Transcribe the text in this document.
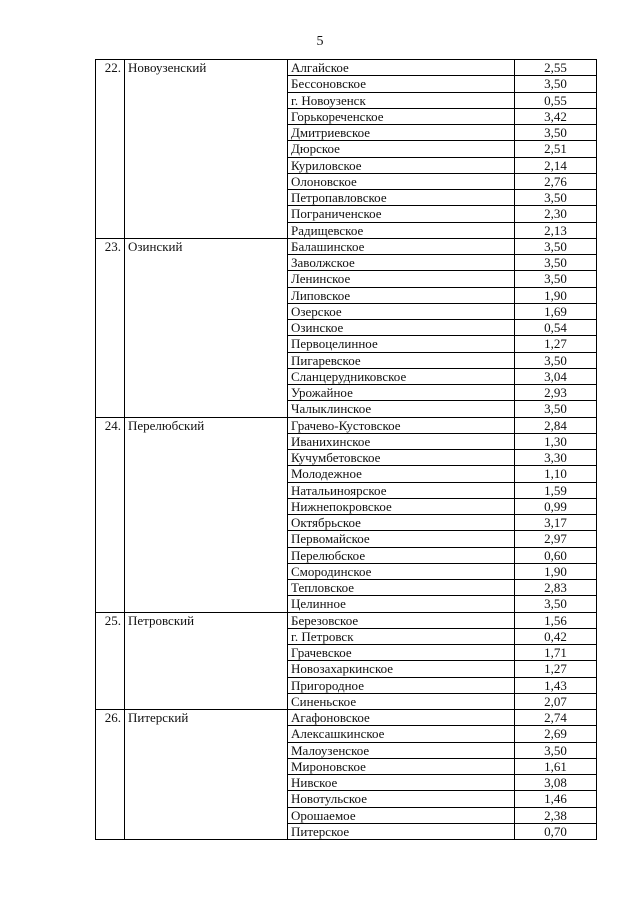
5
22.	Новоузенский	Алгайское	2,55
		Бессоновское	3,50
		г. Новоузенск	0,55
		Горькореченское	3,42
		Дмитриевское	3,50
		Дюрское	2,51
		Куриловское	2,14
		Олоновское	2,76
		Петропавловское	3,50
		Пограниченское	2,30
		Радищевское	2,13
23.	Озинский	Балашинское	3,50
		Заволжское	3,50
		Ленинское	3,50
		Липовское	1,90
		Озерское	1,69
		Озинское	0,54
		Первоцелинное	1,27
		Пигаревское	3,50
		Сланцерудниковское	3,04
		Урожайное	2,93
		Чалыклинское	3,50
24.	Перелюбский	Грачево-Кустовское	2,84
		Иванихинское	1,30
		Кучумбетовское	3,30
		Молодежное	1,10
		Натальиноярское	1,59
		Нижнепокровское	0,99
		Октябрьское	3,17
		Первомайское	2,97
		Перелюбское	0,60
		Смородинское	1,90
		Тепловское	2,83
		Целинное	3,50
25.	Петровский	Березовское	1,56
		г. Петровск	0,42
		Грачевское	1,71
		Новозахаркинское	1,27
		Пригородное	1,43
		Синеньское	2,07
26.	Питерский	Агафоновское	2,74
		Алексашкинское	2,69
		Малоузенское	3,50
		Мироновское	1,61
		Нивское	3,08
		Новотульское	1,46
		Орошаемое	2,38
		Питерское	0,70
